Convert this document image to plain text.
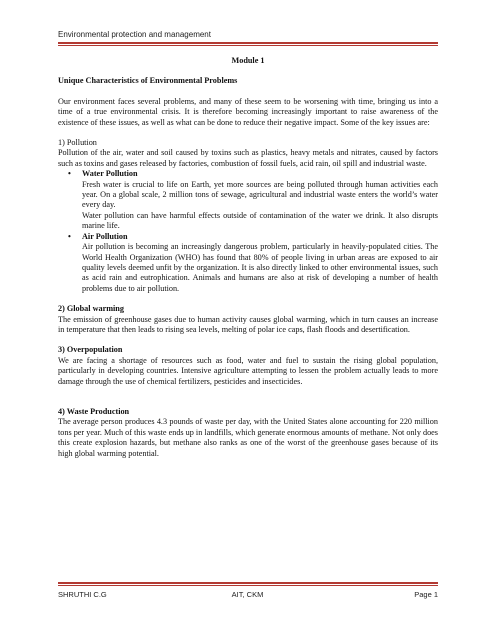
Environmental protection and management

Module 1

Unique Characteristics of Environmental Problems

Our environment faces several problems, and many of these seem to be worsening with time, bringing us into a time of a true environmental crisis. It is therefore becoming increasingly important to raise awareness of the existence of these issues, as well as what can be done to reduce their negative impact. Some of the key issues are:

1) Pollution

Pollution of the air, water and soil caused by toxins such as plastics, heavy metals and nitrates, caused by factors such as toxins and gases released by factories, combustion of fossil fuels, acid rain, oil spill and industrial waste.

• Water Pollution

Fresh water is crucial to life on Earth, yet more sources are being polluted through human activities each year. On a global scale, 2 million tons of sewage, agricultural and industrial waste enters the world’s water every day.

Water pollution can have harmful effects outside of contamination of the water we drink. It also disrupts marine life.

• Air Pollution

Air pollution is becoming an increasingly dangerous problem, particularly in heavily-populated cities. The World Health Organization (WHO) has found that 80% of people living in urban areas are exposed to air quality levels deemed unfit by the organization. It is also directly linked to other environmental issues, such as acid rain and eutrophication. Animals and humans are also at risk of developing a number of health problems due to air pollution.

2) Global warming

The emission of greenhouse gases due to human activity causes global warming, which in turn causes an increase in temperature that then leads to rising sea levels, melting of polar ice caps, flash floods and desertification.

3) Overpopulation

We are facing a shortage of resources such as food, water and fuel to sustain the rising global population, particularly in developing countries. Intensive agriculture attempting to lessen the problem actually leads to more damage through the use of chemical fertilizers, pesticides and insecticides.

4) Waste Production

The average person produces 4.3 pounds of waste per day, with the United States alone accounting for 220 million tons per year. Much of this waste ends up in landfills, which generate enormous amounts of methane. Not only does this create explosion hazards, but methane also ranks as one of the worst of the greenhouse gases because of its high global warming potential.

SHRUTHI C.G	AIT, CKM	Page 1
